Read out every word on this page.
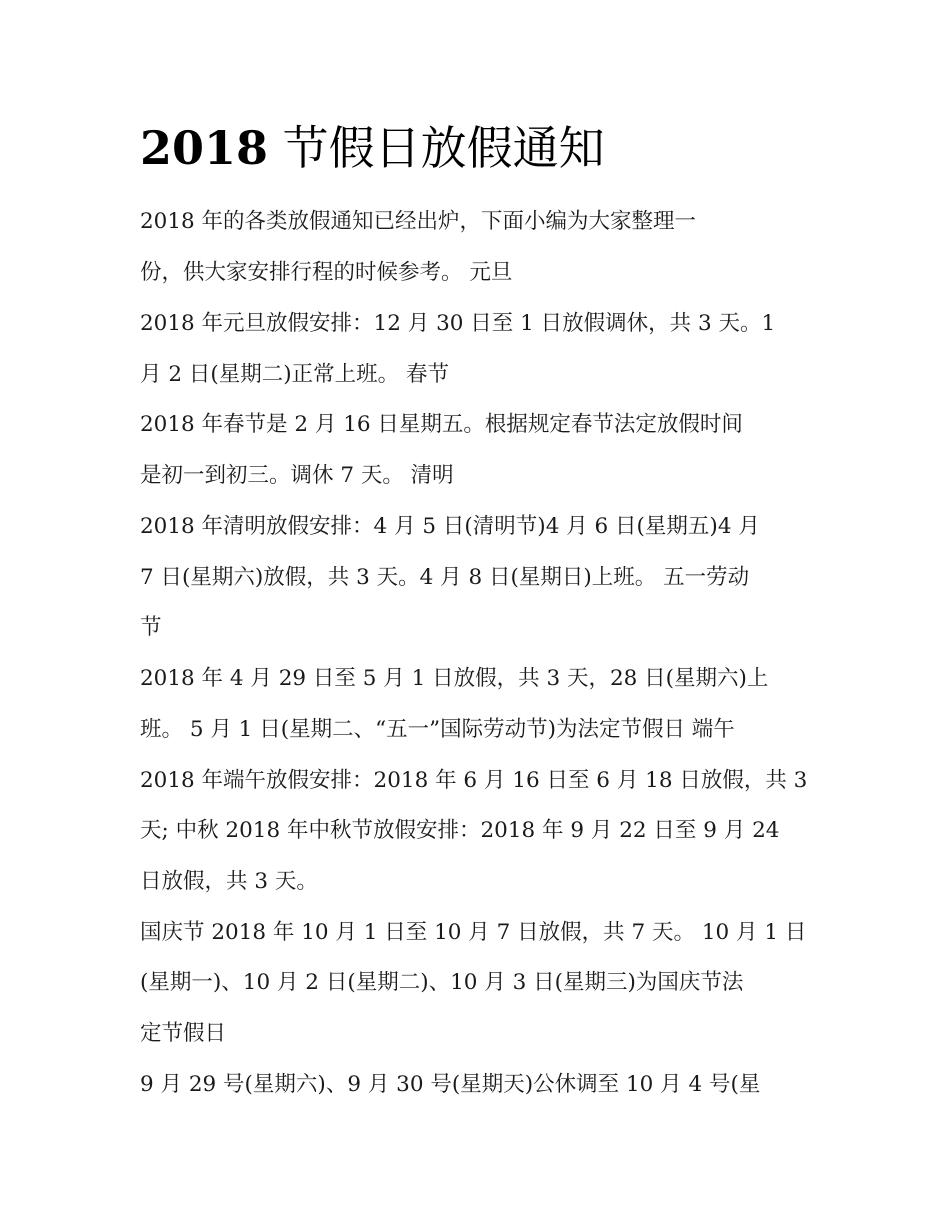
2018 节假日放假通知

2018 年的各类放假通知已经出炉，下面小编为大家整理一

份，供大家安排行程的时候参考。 元旦

2018 年元旦放假安排：12 月 30 日至 1 日放假调休，共 3 天。1

月 2 日(星期二)正常上班。 春节

2018 年春节是 2 月 16 日星期五。根据规定春节法定放假时间

是初一到初三。调休 7 天。 清明

2018 年清明放假安排：4 月 5 日(清明节)4 月 6 日(星期五)4 月

7 日(星期六)放假，共 3 天。4 月 8 日(星期日)上班。 五一劳动

节

2018 年 4 月 29 日至 5 月 1 日放假，共 3 天，28 日(星期六)上

班。 5 月 1 日(星期二、“五一”国际劳动节)为法定节假日 端午

2018 年端午放假安排：2018 年 6 月 16 日至 6 月 18 日放假，共 3

天; 中秋 2018 年中秋节放假安排：2018 年 9 月 22 日至 9 月 24

日放假，共 3 天。

国庆节 2018 年 10 月 1 日至 10 月 7 日放假，共 7 天。 10 月 1 日

(星期一)、10 月 2 日(星期二)、10 月 3 日(星期三)为国庆节法

定节假日

9 月 29 号(星期六)、9 月 30 号(星期天)公休调至 10 月 4 号(星
